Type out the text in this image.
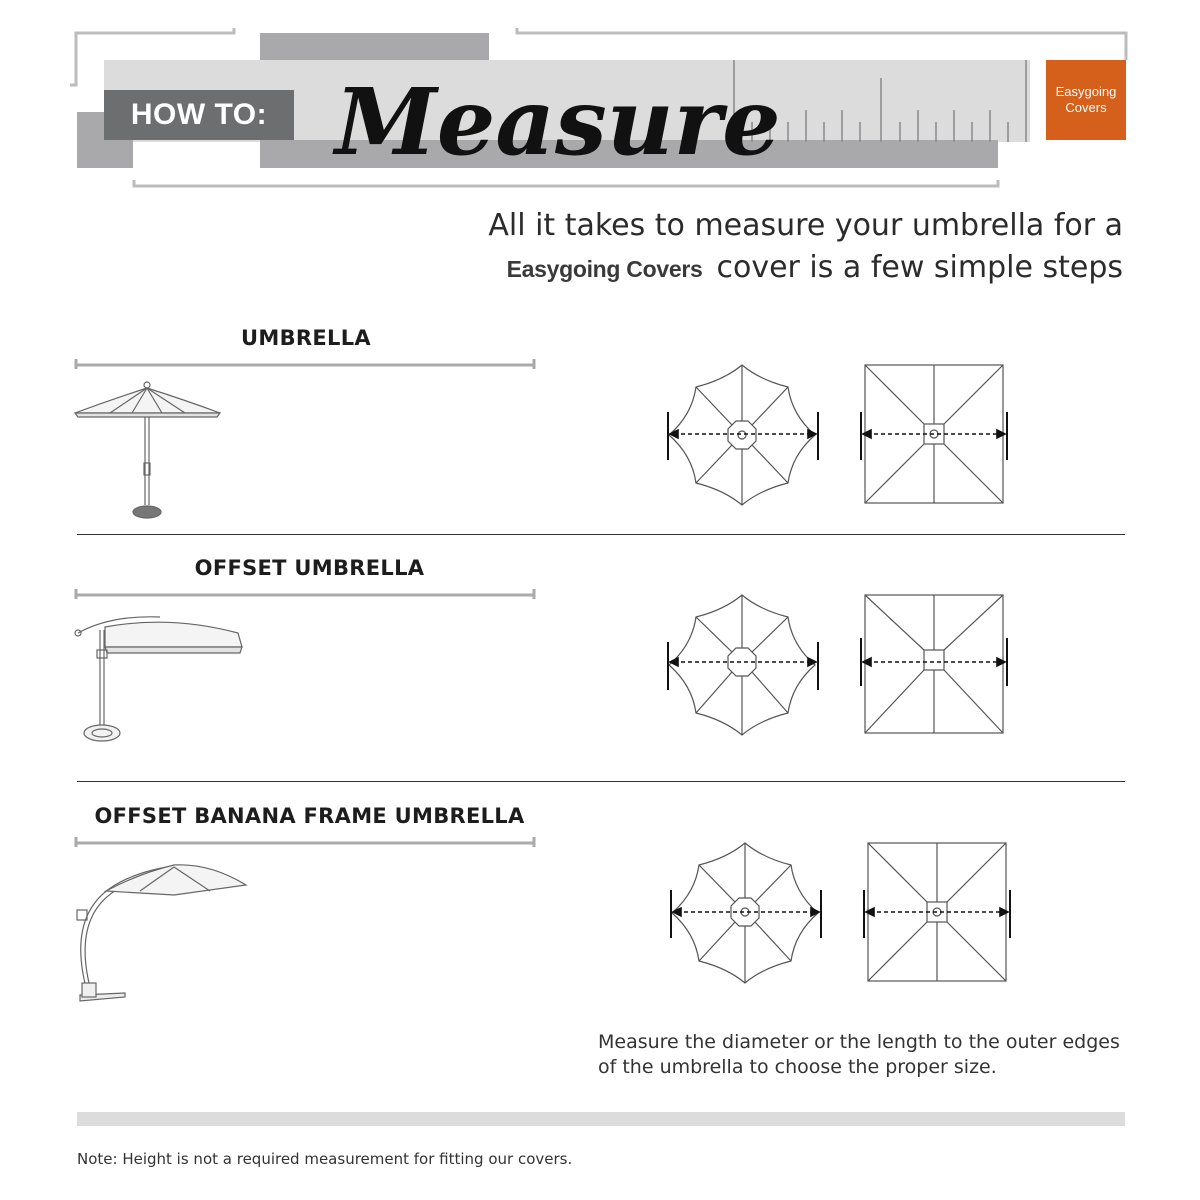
HOW TO: Measure	Easygoing
Covers
All it takes to measure your umbrella for a
Easygoing Covers cover is a few simple steps
UMBRELLA
OFFSET UMBRELLA
OFFSET BANANA FRAME UMBRELLA
Measure the diameter or the length to the outer edges
of the umbrella to choose the proper size.
Note: Height is not a required measurement for fitting our covers.
